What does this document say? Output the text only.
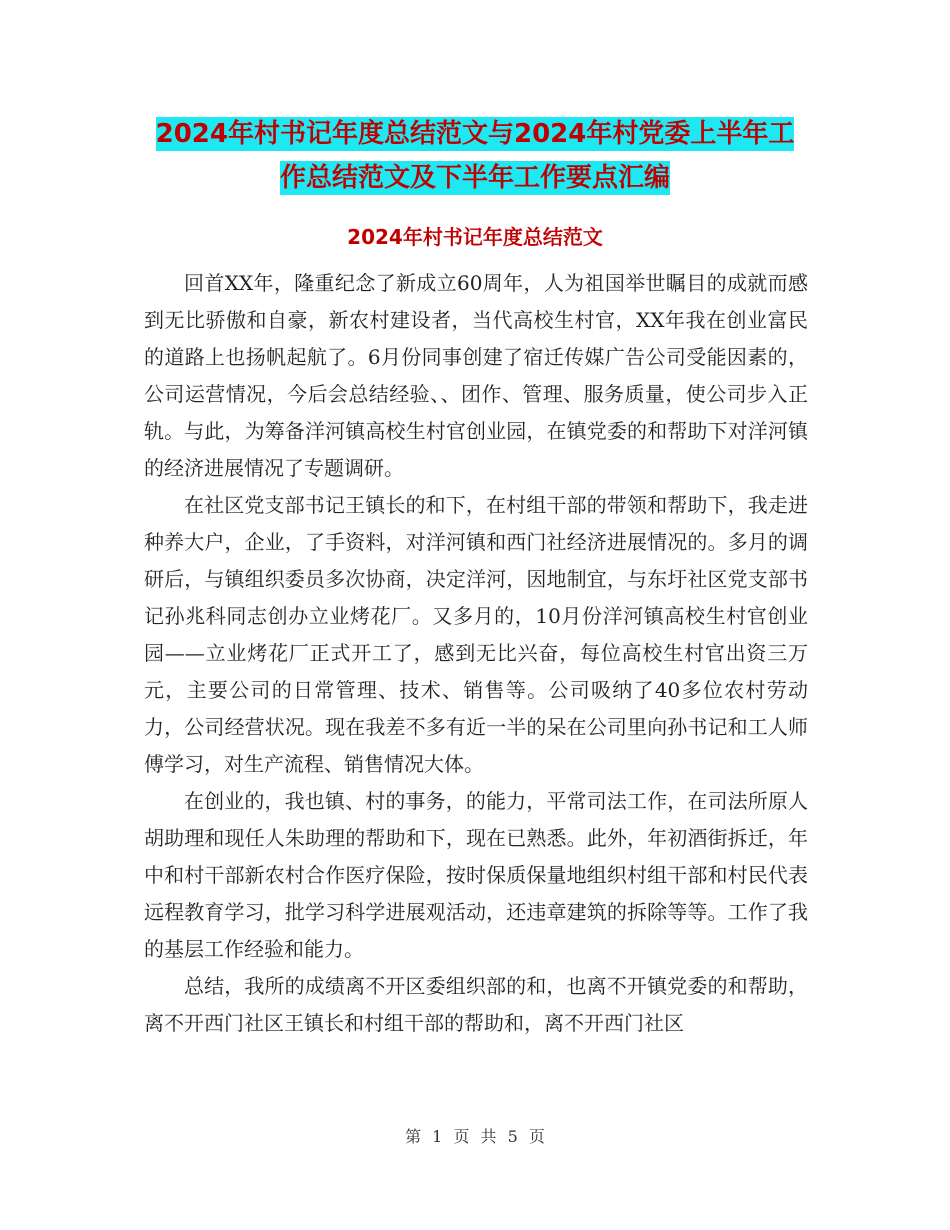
2024年村书记年度总结范文与2024年村党委上半年工
作总结范文及下半年工作要点汇编
2024年村书记年度总结范文

回首XX年，隆重纪念了新成立60周年，人为祖国举世瞩目的成就而感到无比骄傲和自豪，新农村建设者，当代高校生村官，XX年我在创业富民的道路上也扬帆起航了。6月份同事创建了宿迁传媒广告公司受能因素的，公司运营情况，今后会总结经验、、团作、管理、服务质量，使公司步入正轨。与此，为筹备洋河镇高校生村官创业园，在镇党委的和帮助下对洋河镇的经济进展情况了专题调研。

在社区党支部书记王镇长的和下，在村组干部的带领和帮助下，我走进种养大户，企业，了手资料，对洋河镇和西门社经济进展情况的。多月的调研后，与镇组织委员多次协商，决定洋河，因地制宜，与东圩社区党支部书记孙兆科同志创办立业烤花厂。又多月的，10月份洋河镇高校生村官创业园——立业烤花厂正式开工了，感到无比兴奋，每位高校生村官出资三万元，主要公司的日常管理、技术、销售等。公司吸纳了40多位农村劳动力，公司经营状况。现在我差不多有近一半的呆在公司里向孙书记和工人师傅学习，对生产流程、销售情况大体。

在创业的，我也镇、村的事务，的能力，平常司法工作，在司法所原人胡助理和现任人朱助理的帮助和下，现在已熟悉。此外，年初酒街拆迁，年中和村干部新农村合作医疗保险，按时保质保量地组织村组干部和村民代表远程教育学习，批学习科学进展观活动，还违章建筑的拆除等等。工作了我的基层工作经验和能力。

总结，我所的成绩离不开区委组织部的和，也离不开镇党委的和帮助，离不开西门社区王镇长和村组干部的帮助和，离不开西门社区

第 1 页 共 5 页
